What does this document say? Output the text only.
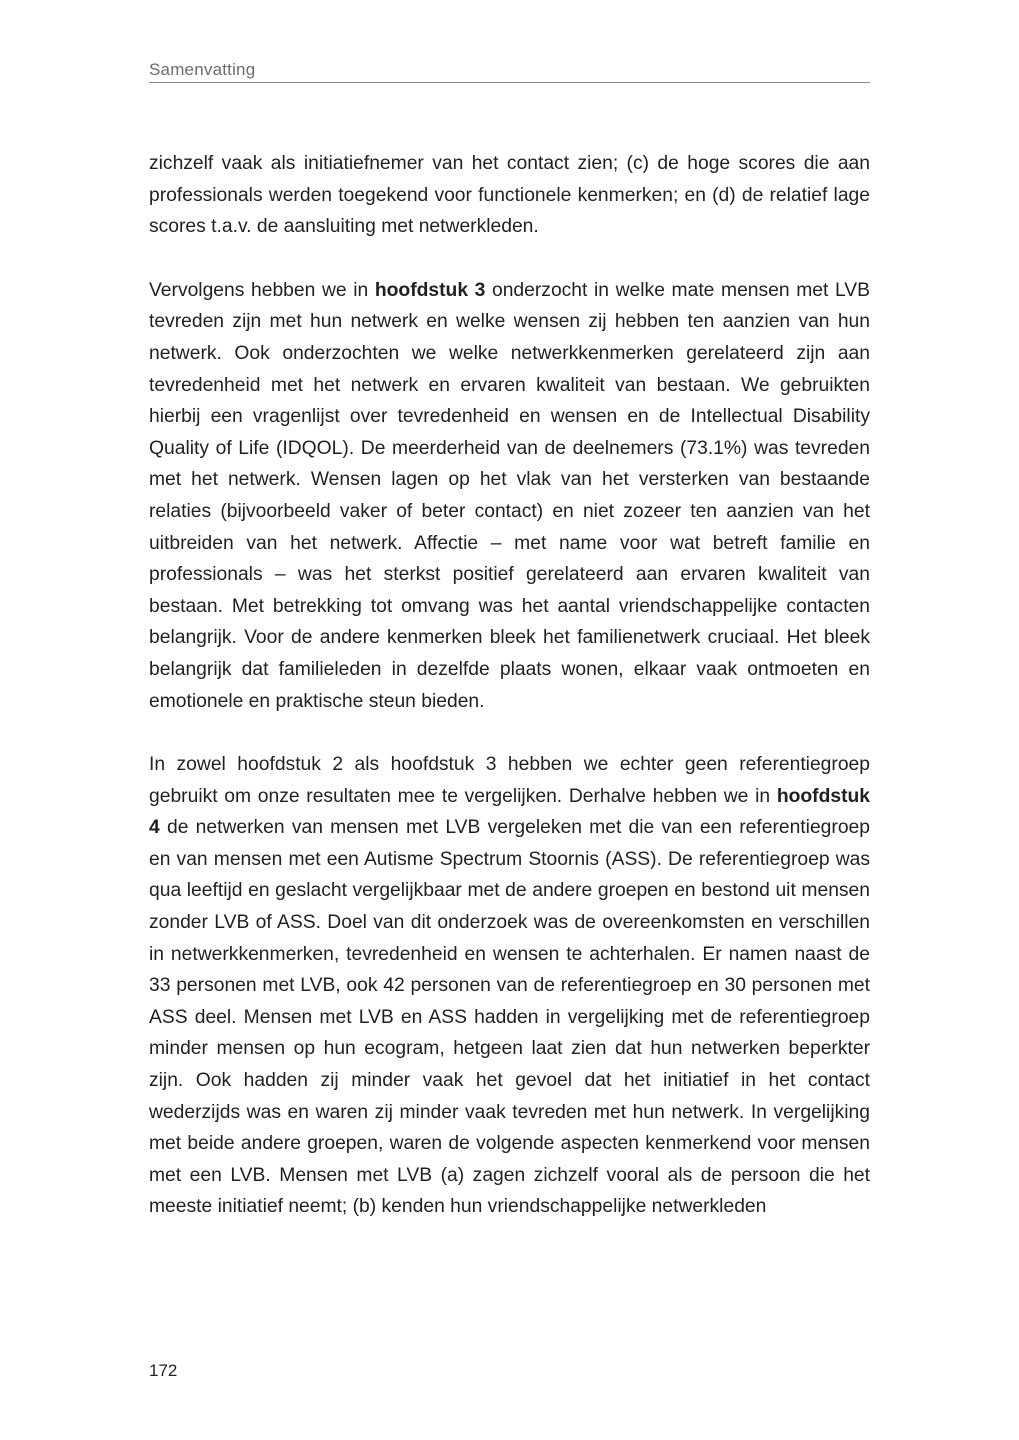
Samenvatting

zichzelf vaak als initiatiefnemer van het contact zien; (c) de hoge scores die aan professionals werden toegekend voor functionele kenmerken; en (d) de relatief lage scores t.a.v. de aansluiting met netwerkleden.

Vervolgens hebben we in hoofdstuk 3 onderzocht in welke mate mensen met LVB tevreden zijn met hun netwerk en welke wensen zij hebben ten aanzien van hun netwerk. Ook onderzochten we welke netwerkkenmerken gerelateerd zijn aan tevredenheid met het netwerk en ervaren kwaliteit van bestaan. We gebruikten hierbij een vragenlijst over tevredenheid en wensen en de Intellectual Disability Quality of Life (IDQOL). De meerderheid van de deelnemers (73.1%) was tevreden met het netwerk. Wensen lagen op het vlak van het versterken van bestaande relaties (bijvoorbeeld vaker of beter contact) en niet zozeer ten aanzien van het uitbreiden van het netwerk. Affectie – met name voor wat betreft familie en professionals – was het sterkst positief gerelateerd aan ervaren kwaliteit van bestaan. Met betrekking tot omvang was het aantal vriendschappelijke contacten belangrijk. Voor de andere kenmerken bleek het familienetwerk cruciaal. Het bleek belangrijk dat familieleden in dezelfde plaats wonen, elkaar vaak ontmoeten en emotionele en praktische steun bieden.

In zowel hoofdstuk 2 als hoofdstuk 3 hebben we echter geen referentiegroep gebruikt om onze resultaten mee te vergelijken. Derhalve hebben we in hoofdstuk 4 de netwerken van mensen met LVB vergeleken met die van een referentiegroep en van mensen met een Autisme Spectrum Stoornis (ASS). De referentiegroep was qua leeftijd en geslacht vergelijkbaar met de andere groepen en bestond uit mensen zonder LVB of ASS. Doel van dit onderzoek was de overeenkomsten en verschillen in netwerkkenmerken, tevredenheid en wensen te achterhalen. Er namen naast de 33 personen met LVB, ook 42 personen van de referentiegroep en 30 personen met ASS deel. Mensen met LVB en ASS hadden in vergelijking met de referentiegroep minder mensen op hun ecogram, hetgeen laat zien dat hun netwerken beperkter zijn. Ook hadden zij minder vaak het gevoel dat het initiatief in het contact wederzijds was en waren zij minder vaak tevreden met hun netwerk. In vergelijking met beide andere groepen, waren de volgende aspecten kenmerkend voor mensen met een LVB. Mensen met LVB (a) zagen zichzelf vooral als de persoon die het meeste initiatief neemt; (b) kenden hun vriendschappelijke netwerkleden

172
